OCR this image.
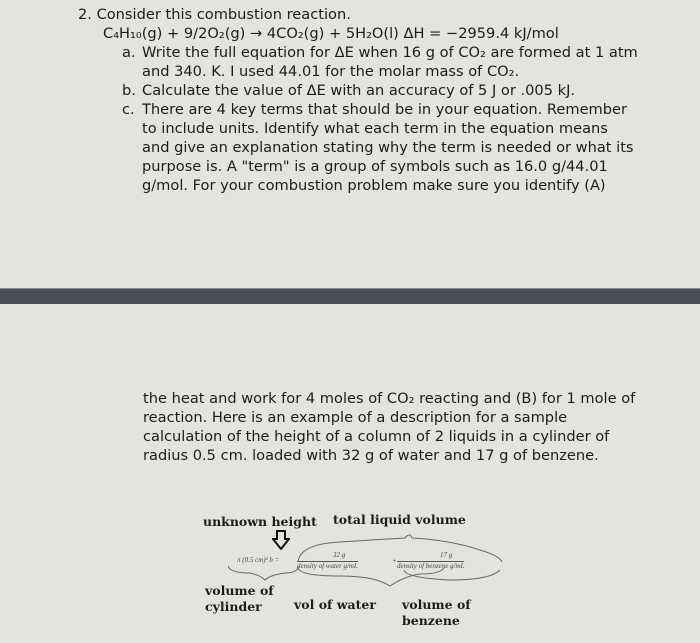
2. Consider this combustion reaction.
C₄H₁₀(g) + 9/2O₂(g) → 4CO₂(g) + 5H₂O(l) ΔH = −2959.4 kJ/mol
a. Write the full equation for ΔE when 16 g of CO₂ are formed at 1 atm
and 340. K. I used 44.01 for the molar mass of CO₂.
b. Calculate the value of ΔE with an accuracy of 5 J or .005 kJ.
c. There are 4 key terms that should be in your equation. Remember
to include units. Identify what each term in the equation means
and give an explanation stating why the term is needed or what its
purpose is. A "term" is a group of symbols such as 16.0 g/44.01
g/mol. For your combustion problem make sure you identify (A)
the heat and work for 4 moles of CO₂ reacting and (B) for 1 mole of
reaction. Here is an example of a description for a sample
calculation of the height of a column of 2 liquids in a cylinder of
radius 0.5 cm. loaded with 32 g of water and 17 g of benzene.
unknown height total liquid volume
π (0.5 cm)² h =
32 g
density of water g/mL
+
17 g
density of benzene g/mL
volume of
cylinder	vol of water volume of
benzene
